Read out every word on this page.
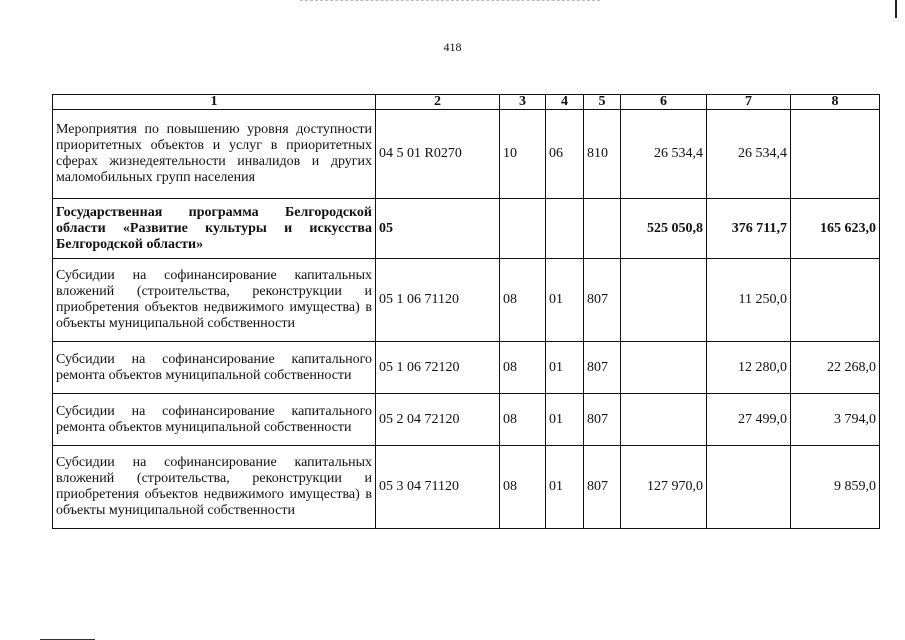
418
1	2	3	4	5	6	7	8
Мероприятия по повышению уровня доступности приоритетных объектов и услуг в приоритетных сферах жизнедеятельности инвалидов и других маломобильных групп населения	04 5 01 R0270	10	06	810	26 534,4	26 534,4	
Государственная программа Белгородской области «Развитие культуры и искусства Белгородской области»	05				525 050,8	376 711,7	165 623,0
Субсидии на софинансирование капитальных вложений (строительства, реконструкции и приобретения объектов недвижимого имущества) в объекты муниципальной собственности	05 1 06 71120	08	01	807		11 250,0	
Субсидии на софинансирование капитального ремонта объектов муниципальной собственности	05 1 06 72120	08	01	807		12 280,0	22 268,0
Субсидии на софинансирование капитального ремонта объектов муниципальной собственности	05 2 04 72120	08	01	807		27 499,0	3 794,0
Субсидии на софинансирование капитальных вложений (строительства, реконструкции и приобретения объектов недвижимого имущества) в объекты муниципальной собственности	05 3 04 71120	08	01	807	127 970,0		9 859,0
